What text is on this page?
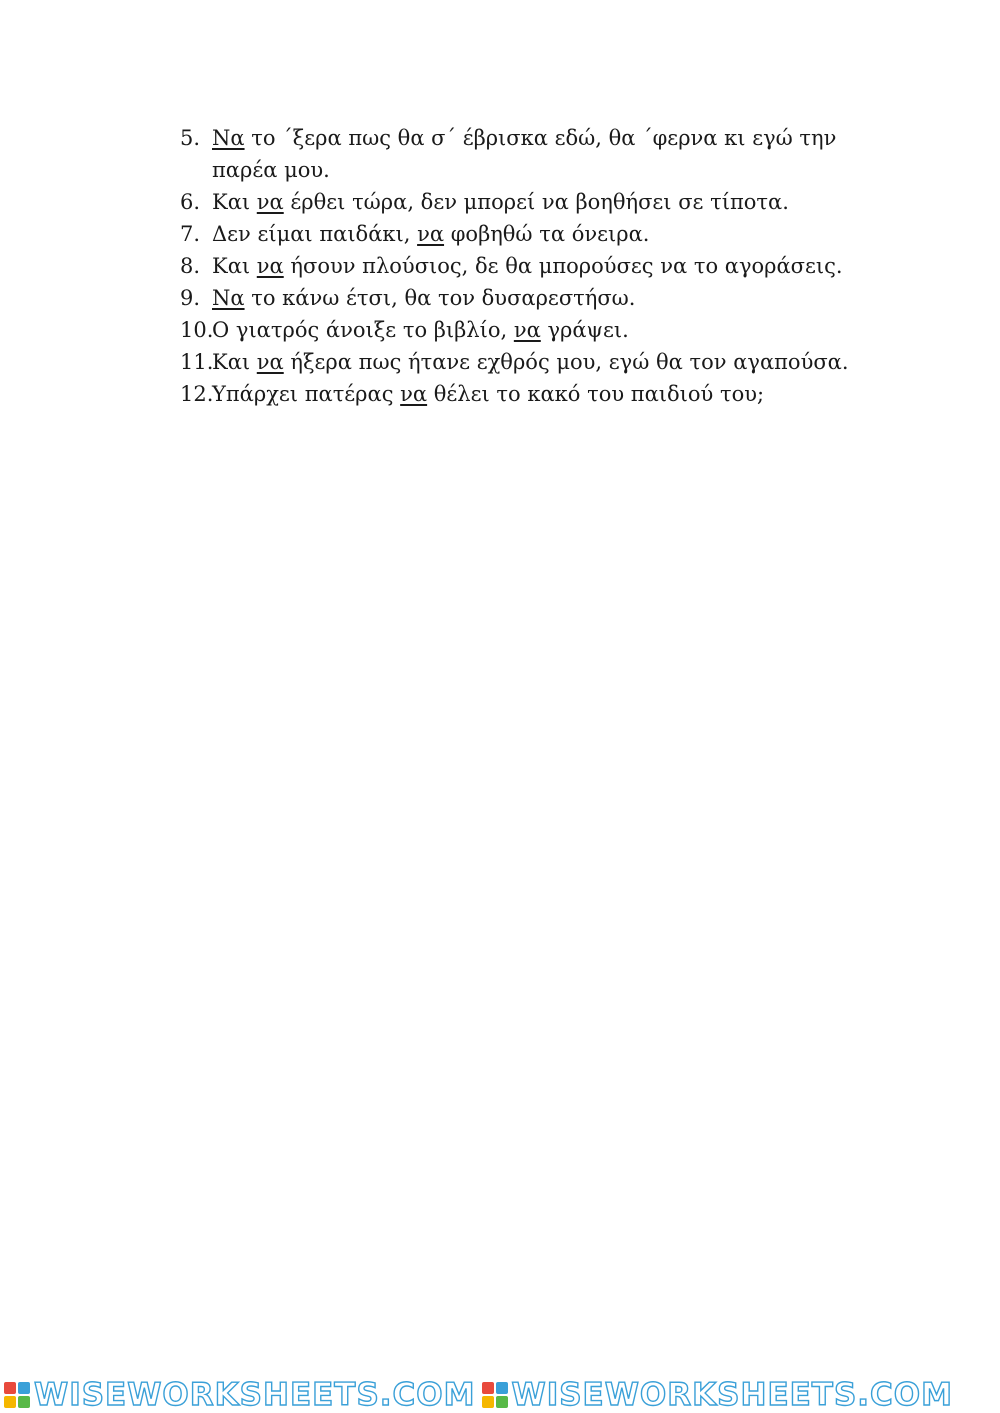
5. Να το ΄ξερα πως θα σ΄ έβρισκα εδώ, θα ΄φερνα κι εγώ την παρέα μου.
6. Και να έρθει τώρα, δεν μπορεί να βοηθήσει σε τίποτα.
7. Δεν είμαι παιδάκι, να φοβηθώ τα όνειρα.
8. Και να ήσουν πλούσιος, δε θα μπορούσες να το αγοράσεις.
9. Να το κάνω έτσι, θα τον δυσαρεστήσω.
10.
Ο γιατρός άνοιξε το βιβλίο, να γράψει.
11.
Και να ήξερα πως ήτανε εχθρός μου, εγώ θα τον αγαπούσα.
12.
Υπάρχει πατέρας να θέλει το κακό του παιδιού του;
WISEWORKSHEETS.COM WISEWORKSHEETS.COM
